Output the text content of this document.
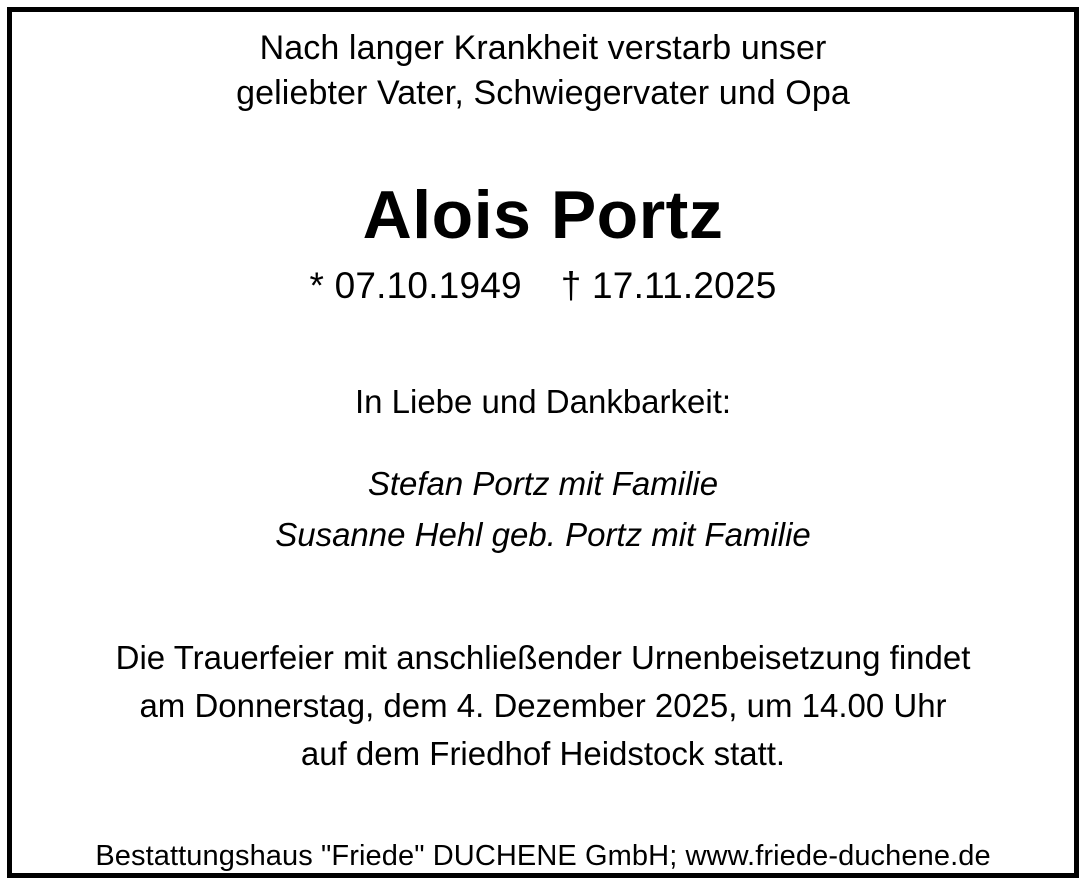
Nach langer Krankheit verstarb unser
geliebter Vater, Schwiegervater und Opa
Alois Portz
* 07.10.1949 † 17.11.2025
In Liebe und Dankbarkeit:
Stefan Portz mit Familie
Susanne Hehl geb. Portz mit Familie
Die Trauerfeier mit anschließender Urnenbeisetzung findet
am Donnerstag, dem 4. Dezember 2025, um 14.00 Uhr
auf dem Friedhof Heidstock statt.
Bestattungshaus "Friede" DUCHENE GmbH; www.friede-duchene.de
